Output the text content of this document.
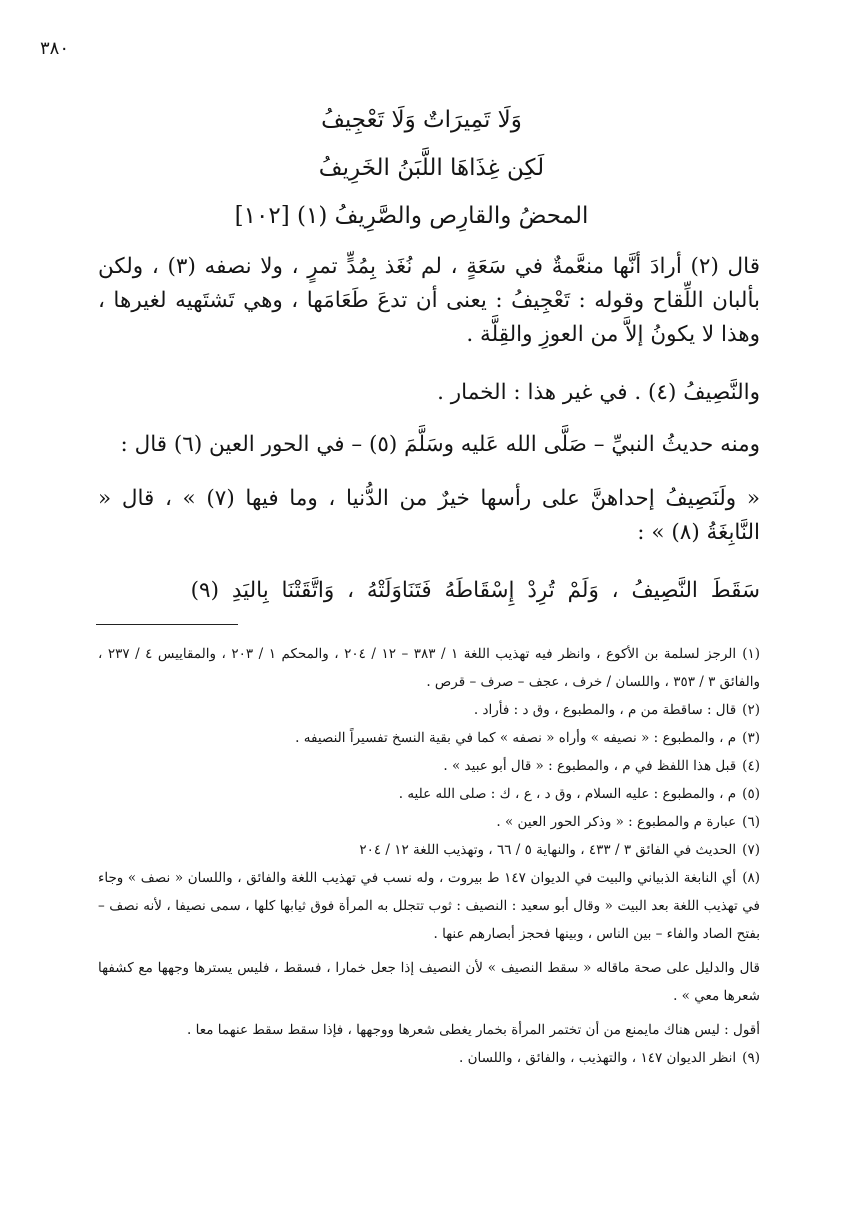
٣٨٠
وَلَا تَمِيرَاتٌ وَلَا تَعْجِيفُ
لَكِن غِذَاهَا اللَّبَنُ الخَرِيفُ
المحضُ والقارِص والصَّرِيفُ (١) [١٠٢]

قال (٢) أرادَ أنَّها منعَّمةٌ في سَعَةٍ ، لم نُغَذ بِمُدٍّ تمرٍ ، ولا نصفه (٣) ، ولكن بألبان اللِّقاح وقوله : تَعْجِيفُ : يعنى أن تدعَ طَعَامَها ، وهي تَشتَهيه لغيرها ، وهذا لا يكونُ إلاَّ من العوزِ والقِلَّة .

والنَّصِيفُ (٤) . في غير هذا : الخمار .

ومنه حديثُ النبيِّ – صَلَّى الله عَليه وسَلَّمَ (٥) – في الحور العين (٦) قال :

« ولَنَصِيفُ إحداهنَّ على رأسها خيرٌ من الدُّنيا ، وما فيها (٧) » ، قال « النَّابِغَةُ (٨) » :

سَقَطَ النَّصِيفُ ، وَلَمْ تُرِدْ إِسْقَاطَهُ فَتَنَاوَلَتْهُ ، وَاتَّقَتْنَا بِاليَدِ (٩)

(١)الرجز لسلمة بن الأكوع ، وانظر فيه تهذيب اللغة ١ / ٣٨٣ – ١٢ / ٢٠٤ ، والمحكم ١ / ٢٠٣ ، والمقاييس ٤ / ٢٣٧ ، والفائق ٣ / ٣٥٣ ، واللسان / خرف ، عجف – صرف – قرص .

(٢)قال : ساقطة من م ، والمطبوع ، وق د : فأراد .

(٣)م ، والمطبوع : « نصيفه » وأراه « نصفه » كما في بقية النسخ تفسيراً النصيفه .

(٤)قبل هذا اللفظ في م ، والمطبوع : « قال أبو عبيد » .

(٥)م ، والمطبوع : عليه السلام ، وق د ، ع ، ك : صلى الله عليه .

(٦)عبارة م والمطبوع : « وذكر الحور العين » .

(٧)الحديث في الفائق ٣ / ٤٣٣ ، والنهاية ٥ / ٦٦ ، وتهذيب اللغة ١٢ / ٢٠٤

(٨)أي النابغة الذبياني والبيت في الديوان ١٤٧ ط بيروت ، وله نسب في تهذيب اللغة والفائق ، واللسان « نصف » وجاء في تهذيب اللغة بعد البيت « وقال أبو سعيد : النصيف : ثوب تتجلل به المرأة فوق ثيابها كلها ، سمى نصيفا ، لأنه نصف – بفتح الصاد والفاء – بين الناس ، وبينها فحجز أبصارهم عنها .

قال والدليل على صحة ماقاله « سقط النصيف » لأن النصيف إذا جعل خمارا ، فسقط ، فليس يسترها وجهها مع كشفها شعرها معي » .

أقول : ليس هناك مايمنع من أن تختمر المرأة بخمار يغطى شعرها ووجهها ، فإذا سقط سقط عنهما معا .

(٩)انظر الديوان ١٤٧ ، والتهذيب ، والفائق ، واللسان .
